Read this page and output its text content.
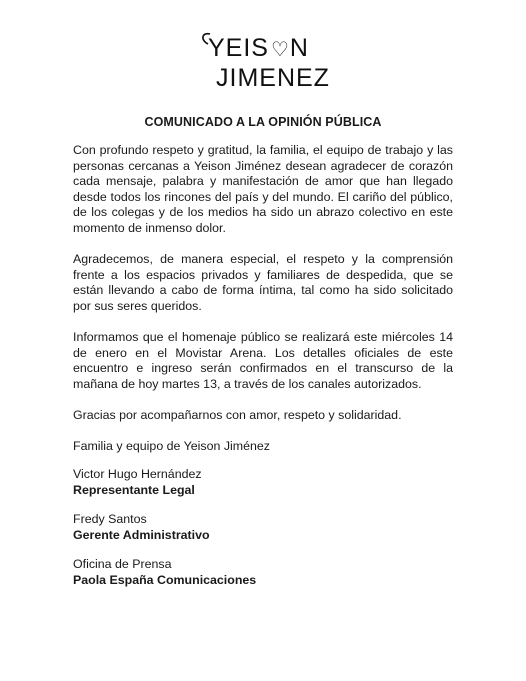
YEIS ♡N
JIMENEZ
COMUNICADO A LA OPINIÓN PÚBLICA

Con profundo respeto y gratitud, la familia, el equipo de trabajo y las personas cercanas a Yeison Jiménez desean agradecer de corazón cada mensaje, palabra y manifestación de amor que han llegado desde todos los rincones del país y del mundo. El cariño del público, de los colegas y de los medios ha sido un abrazo colectivo en este momento de inmenso dolor.

Agradecemos, de manera especial, el respeto y la comprensión frente a los espacios privados y familiares de despedida, que se están llevando a cabo de forma íntima, tal como ha sido solicitado por sus seres queridos.

Informamos que el homenaje público se realizará este miércoles 14 de enero en el Movistar Arena. Los detalles oficiales de este encuentro e ingreso serán confirmados en el transcurso de la mañana de hoy martes 13, a través de los canales autorizados.

Gracias por acompañarnos con amor, respeto y solidaridad.

Familia y equipo de Yeison Jiménez

Victor Hugo Hernández
Representante Legal
Fredy Santos
Gerente Administrativo
Oficina de Prensa
Paola España Comunicaciones
